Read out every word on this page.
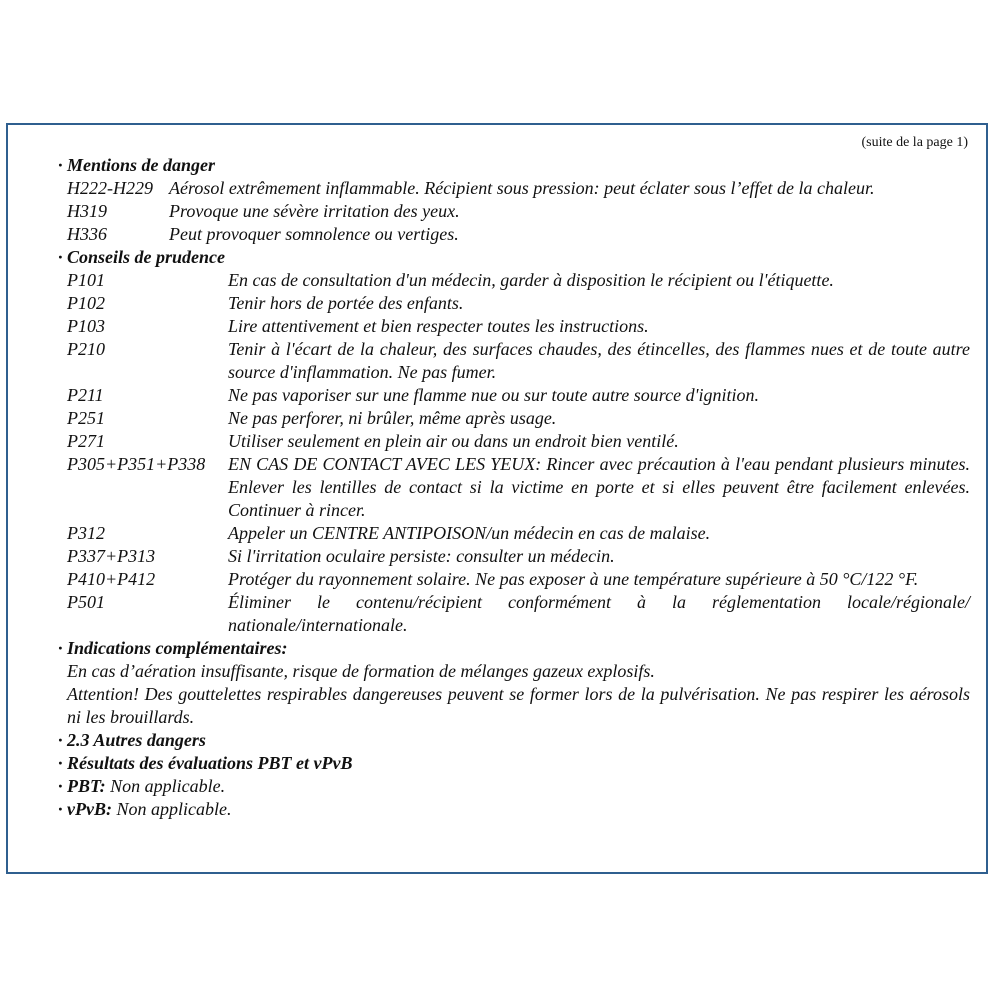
(suite de la page 1)
· Mentions de danger
H222-H229 Aérosol extrêmement inflammable. Récipient sous pression: peut éclater sous l’effet de la chaleur.
H319	Provoque une sévère irritation des yeux.
H336	Peut provoquer somnolence ou vertiges.
· Conseils de prudence
P101	En cas de consultation d'un médecin, garder à disposition le récipient ou l'étiquette.
P102	Tenir hors de portée des enfants.
P103	Lire attentivement et bien respecter toutes les instructions.
P210	Tenir à l'écart de la chaleur, des surfaces chaudes, des étincelles, des flammes nues et de toute autre source d'inflammation. Ne pas fumer.
P211	Ne pas vaporiser sur une flamme nue ou sur toute autre source d'ignition.
P251	Ne pas perforer, ni brûler, même après usage.
P271	Utiliser seulement en plein air ou dans un endroit bien ventilé.
P305+P351+P338	EN CAS DE CONTACT AVEC LES YEUX: Rincer avec précaution à l'eau pendant plusieurs minutes. Enlever les lentilles de contact si la victime en porte et si elles peuvent être facilement enlevées. Continuer à rincer.
P312	Appeler un CENTRE ANTIPOISON/un médecin en cas de malaise.
P337+P313	Si l'irritation oculaire persiste: consulter un médecin.
P410+P412	Protéger du rayonnement solaire. Ne pas exposer à une température supérieure à 50 °C/122 °F.
P501	Éliminer le contenu/récipient conformément à la réglementation locale/régionale/ nationale/internationale.
· Indications complémentaires:
En cas d’aération insuffisante, risque de formation de mélanges gazeux explosifs.
Attention! Des gouttelettes respirables dangereuses peuvent se former lors de la pulvérisation. Ne pas respirer les aérosols ni les brouillards.
· 2.3 Autres dangers
· Résultats des évaluations PBT et vPvB
· PBT: Non applicable.
· vPvB: Non applicable.
